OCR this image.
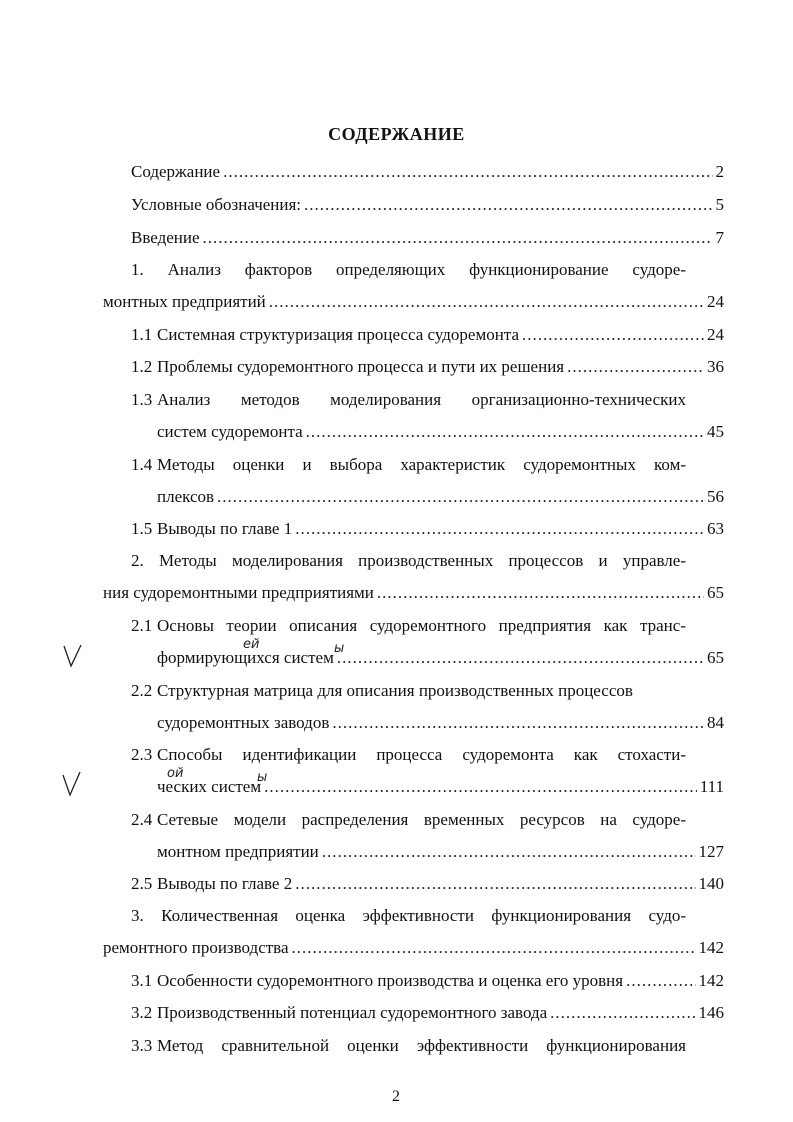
СОДЕРЖАНИЕ
Содержание .....	2
Условные обозначения: .....	5
Введение .....	7
1. Анализ факторов определяющих функционирование судоре-
монтных предприятий .....	24
1.1 Системная структуризация процесса судоремонта .....	24
1.2 Проблемы судоремонтного процесса и пути их решения .....	36
1.3 Анализ методов моделирования организационно-технических
систем судоремонта .....	45
1.4 Методы оценки и выбора характеристик судоремонтных ком-
плексов .....	56
1.5 Выводы по главе 1 .....	63
2. Методы моделирования производственных процессов и управле-
ния судоремонтными предприятиями .....	65
2.1 Основы теории описания судоремонтного предприятия как транс-
формирующихся систем .....	65
2.2 Структурная матрица для описания производственных процессов
судоремонтных заводов .....	84
2.3 Способы идентификации процесса судоремонта как стохасти-
ческих систем .....	111
2.4 Сетевые модели распределения временных ресурсов на судоре-
монтном предприятии .....	127
2.5 Выводы по главе 2 .....	140
3. Количественная оценка эффективности функционирования судо-
ремонтного производства .....	142
3.1 Особенности судоремонтного производства и оценка его уровня .....	142
3.2 Производственный потенциал судоремонтного завода .....	146
3.3 Метод сравнительной оценки эффективности функционирования
ей	ы
ой	ы
2
